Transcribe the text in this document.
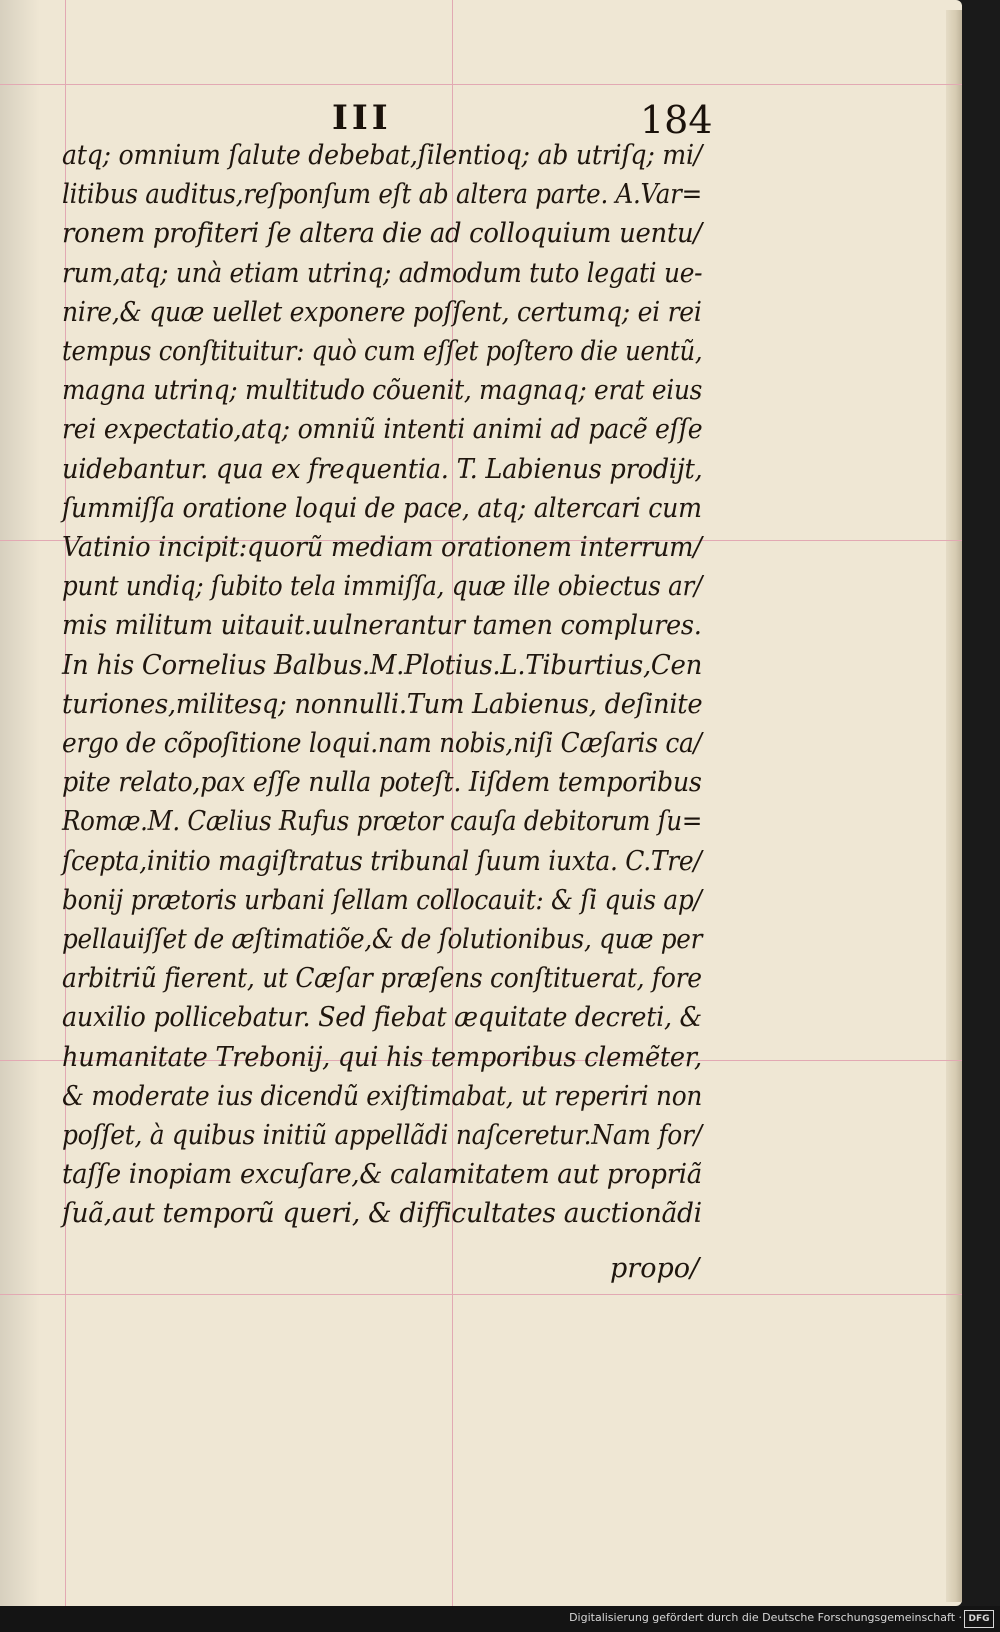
III	184
atq; omnium ſalute debebat,ſilentioq; ab utriſq; mi/
litibus auditus,reſponſum eſt ab altera parte. A.Var=
ronem profiteri ſe altera die ad colloquium uentu/
rum,atq; unà etiam utrinq; admodum tuto legati ue-
nire,& quæ uellet exponere poſſent, certumq; ei rei
tempus conſtituitur: quò cum eſſet poſtero die uentũ,
magna utrinq; multitudo cõuenit, magnaq; erat eius
rei expectatio,atq; omniũ intenti animi ad pacẽ eſſe
uidebantur. qua ex frequentia. T. Labienus prodijt,
ſummiſſa oratione loqui de pace, atq; altercari cum
Vatinio incipit:quorũ mediam orationem interrum/
punt undiq; ſubito tela immiſſa, quæ ille obiectus ar/
mis militum uitauit.uulnerantur tamen complures.
In his Cornelius Balbus.M.Plotius.L.Tiburtius,Cen
turiones,militesq; nonnulli.Tum Labienus, deſinite
ergo de cõpoſitione loqui.nam nobis,niſi Cæſaris ca/
pite relato,pax eſſe nulla poteſt. Iiſdem temporibus
Romæ.M. Cælius Rufus prœtor cauſa debitorum ſu=
ſcepta,initio magiſtratus tribunal ſuum iuxta. C.Tre/
bonij prætoris urbani ſellam collocauit: & ſi quis ap/
pellauiſſet de æſtimatiõe,& de ſolutionibus, quæ per
arbitriũ fierent, ut Cæſar præſens conſtituerat, fore
auxilio pollicebatur. Sed fiebat æquitate decreti, &
humanitate Trebonij, qui his temporibus clemẽter,
& moderate ius dicendũ exiſtimabat, ut reperiri non
poſſet, à quibus initiũ appellãdi naſceretur.Nam for/
taſſe inopiam excuſare,& calamitatem aut propriã
ſuã,aut temporũ queri, & difficultates auctionãdi
propo/
Digitalisierung gefördert durch die Deutsche Forschungsgemeinschaft · DFG
